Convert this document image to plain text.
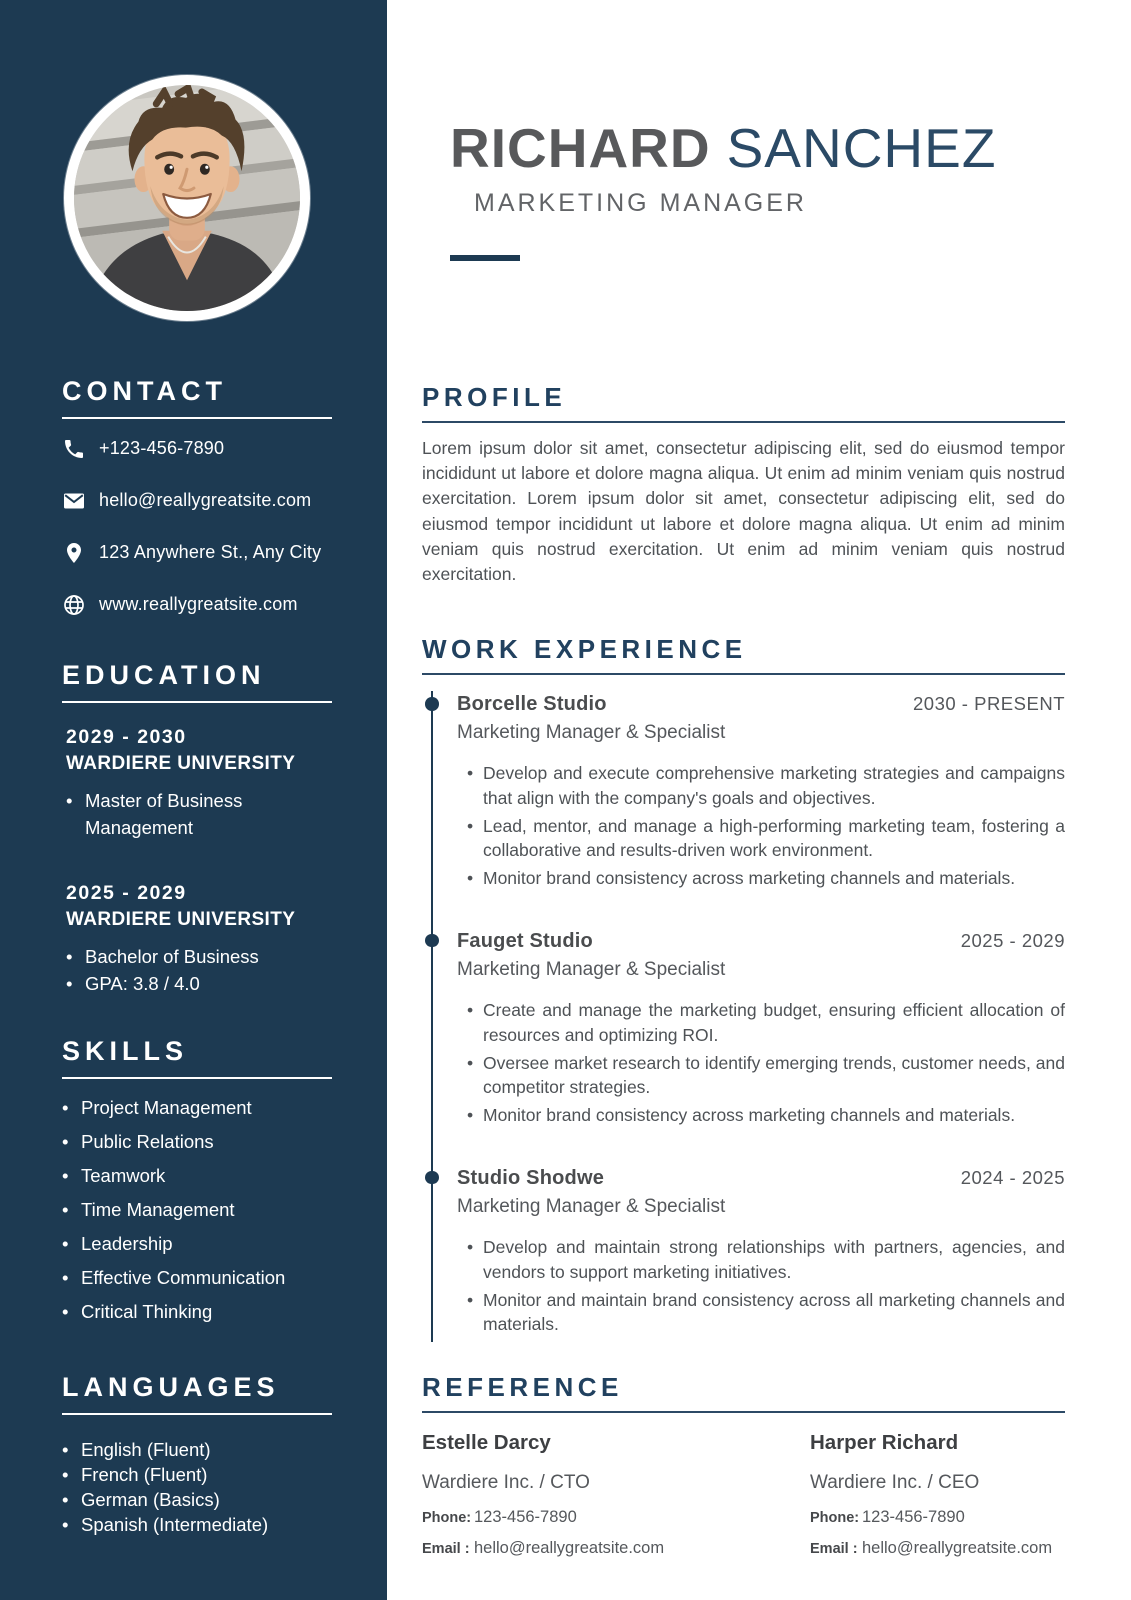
CONTACT
+123-456-7890
hello@reallygreatsite.com
123 Anywhere St., Any City
www.reallygreatsite.com
EDUCATION
2029 - 2030
WARDIERE UNIVERSITY
• Master of Business Management
2025 - 2029
WARDIERE UNIVERSITY
• Bachelor of Business
• GPA: 3.8 / 4.0
SKILLS
• Project Management
• Public Relations
• Teamwork
• Time Management
• Leadership
• Effective Communication
• Critical Thinking
LANGUAGES
• English (Fluent)
• French (Fluent)
• German (Basics)
• Spanish (Intermediate)
RICHARD SANCHEZ
MARKETING MANAGER
PROFILE

Lorem ipsum dolor sit amet, consectetur adipiscing elit, sed do eiusmod tempor incididunt ut labore et dolore magna aliqua. Ut enim ad minim veniam quis nostrud exercitation. Lorem ipsum dolor sit amet, consectetur adipiscing elit, sed do eiusmod tempor incididunt ut labore et dolore magna aliqua. Ut enim ad minim veniam quis nostrud exercitation. Ut enim ad minim veniam quis nostrud exercitation.

WORK EXPERIENCE
Borcelle Studio	2030 - PRESENT
Marketing Manager & Specialist
• Develop and execute comprehensive marketing strategies and campaigns that align with the company's goals and objectives.
• Lead, mentor, and manage a high-performing marketing team, fostering a collaborative and results-driven work environment.
• Monitor brand consistency across marketing channels and materials.
Fauget Studio	2025 - 2029
Marketing Manager & Specialist
• Create and manage the marketing budget, ensuring efficient allocation of resources and optimizing ROI.
• Oversee market research to identify emerging trends, customer needs, and competitor strategies.
• Monitor brand consistency across marketing channels and materials.
Studio Shodwe	2024 - 2025
Marketing Manager & Specialist
• Develop and maintain strong relationships with partners, agencies, and vendors to support marketing initiatives.
• Monitor and maintain brand consistency across all marketing channels and materials.
REFERENCE
Estelle Darcy
Wardiere Inc. / CTO
Phone: 123-456-7890
Email : hello@reallygreatsite.com
Harper Richard
Wardiere Inc. / CEO
Phone: 123-456-7890
Email : hello@reallygreatsite.com
